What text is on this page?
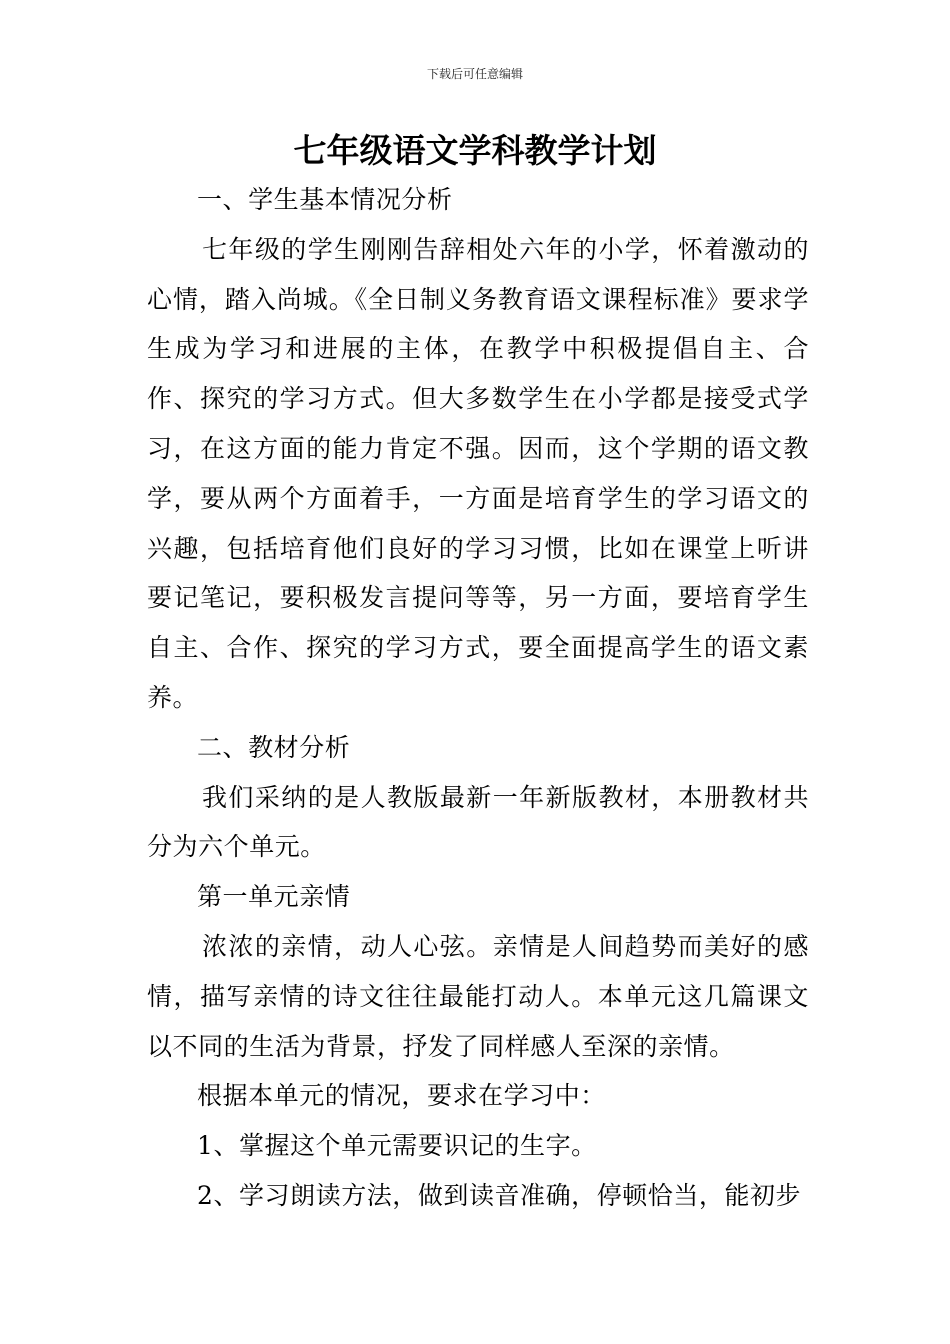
下载后可任意编辑
七年级语文学科教学计划

一、学生基本情况分析

七年级的学生刚刚告辞相处六年的小学，怀着激动的心情，踏入尚城。《全日制义务教育语文课程标准》要求学生成为学习和进展的主体，在教学中积极提倡自主、合作、探究的学习方式。但大多数学生在小学都是接受式学习，在这方面的能力肯定不强。因而，这个学期的语文教学，要从两个方面着手，一方面是培育学生的学习语文的兴趣，包括培育他们良好的学习习惯，比如在课堂上听讲要记笔记，要积极发言提问等等，另一方面，要培育学生自主、合作、探究的学习方式，要全面提高学生的语文素养。

二、教材分析

我们采纳的是人教版最新一年新版教材，本册教材共分为六个单元。

第一单元亲情

浓浓的亲情，动人心弦。亲情是人间趋势而美好的感情，描写亲情的诗文往往最能打动人。本单元这几篇课文以不同的生活为背景，抒发了同样感人至深的亲情。

根据本单元的情况，要求在学习中：

1、掌握这个单元需要识记的生字。

2、学习朗读方法，做到读音准确，停顿恰当，能初步
